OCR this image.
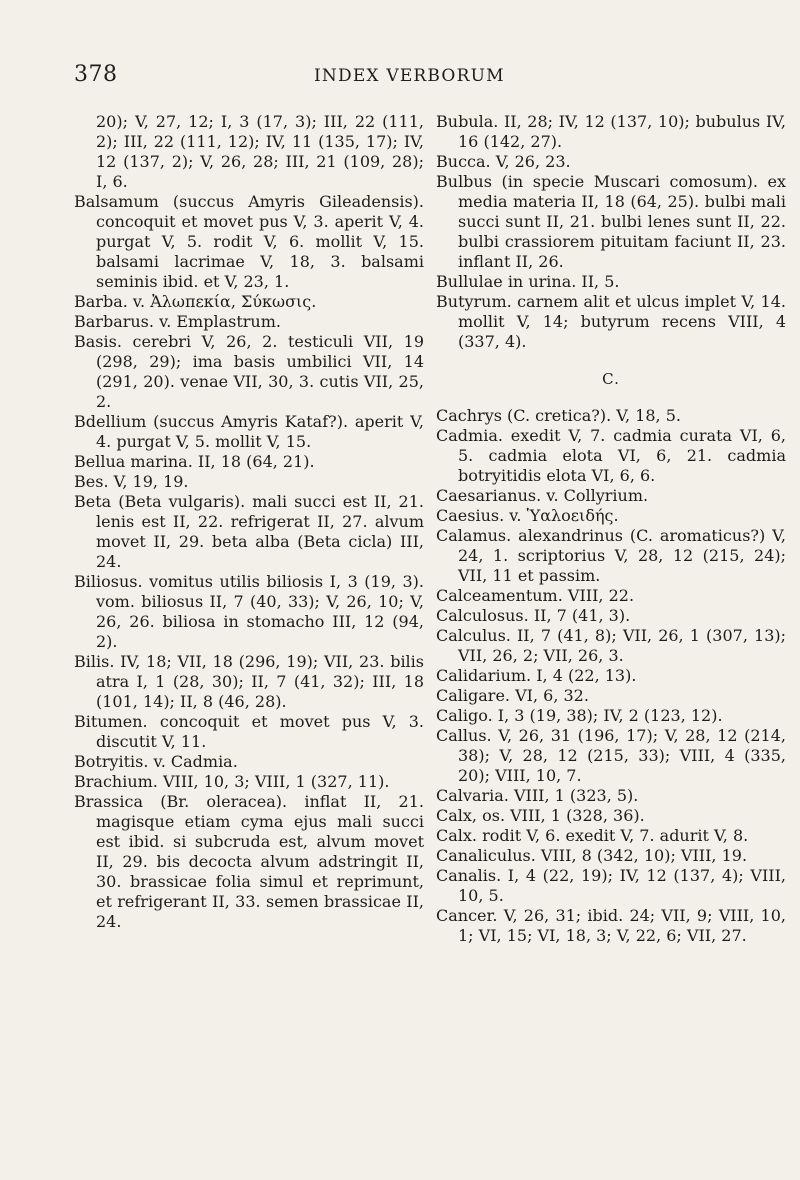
378	INDEX VERBORUM

20); V, 27, 12; I, 3 (17, 3); III, 22 (111, 2); III, 22 (111, 12); IV, 11 (135, 17); IV, 12 (137, 2); V, 26, 28; III, 21 (109, 28); I, 6.

Balsamum (succus Amyris Gileadensis). concoquit et movet pus V, 3. aperit V, 4. purgat V, 5. rodit V, 6. mollit V, 15. balsami lacrimae V, 18, 3. balsami seminis ibid. et V, 23, 1.

Barba. v. Ἀλωπεκία, Σύκωσις.

Barbarus. v. Emplastrum.

Basis. cerebri V, 26, 2. testiculi VII, 19 (298, 29); ima basis umbilici VII, 14 (291, 20). venae VII, 30, 3. cutis VII, 25, 2.

Bdellium (succus Amyris Kataf?). aperit V, 4. purgat V, 5. mollit V, 15.

Bellua marina. II, 18 (64, 21).

Bes. V, 19, 19.

Beta (Beta vulgaris). mali succi est II, 21. lenis est II, 22. refrigerat II, 27. alvum movet II, 29. beta alba (Beta cicla) III, 24.

Biliosus. vomitus utilis biliosis I, 3 (19, 3). vom. biliosus II, 7 (40, 33); V, 26, 10; V, 26, 26. biliosa in stomacho III, 12 (94, 2).

Bilis. IV, 18; VII, 18 (296, 19); VII, 23. bilis atra I, 1 (28, 30); II, 7 (41, 32); III, 18 (101, 14); II, 8 (46, 28).

Bitumen. concoquit et movet pus V, 3. discutit V, 11.

Botryitis. v. Cadmia.

Brachium. VIII, 10, 3; VIII, 1 (327, 11).

Brassica (Br. oleracea). inflat II, 21. magisque etiam cyma ejus mali succi est ibid. si subcruda est, alvum movet II, 29. bis decocta alvum adstringit II, 30. brassicae folia simul et reprimunt, et refrigerant II, 33. semen brassicae II, 24.

Bubula. II, 28; IV, 12 (137, 10); bubulus IV, 16 (142, 27).

Bucca. V, 26, 23.

Bulbus (in specie Muscari comosum). ex media materia II, 18 (64, 25). bulbi mali succi sunt II, 21. bulbi lenes sunt II, 22. bulbi crassiorem pituitam faciunt II, 23. inflant II, 26.

Bullulae in urina. II, 5.

Butyrum. carnem alit et ulcus implet V, 14. mollit V, 14; butyrum recens VIII, 4 (337, 4).

C.

Cachrys (C. cretica?). V, 18, 5.

Cadmia. exedit V, 7. cadmia curata VI, 6, 5. cadmia elota VI, 6, 21. cadmia botryitidis elota VI, 6, 6.

Caesarianus. v. Collyrium.

Caesius. v. Ὑαλοειδής.

Calamus. alexandrinus (C. aromaticus?) V, 24, 1. scriptorius V, 28, 12 (215, 24); VII, 11 et passim.

Calceamentum. VIII, 22.

Calculosus. II, 7 (41, 3).

Calculus. II, 7 (41, 8); VII, 26, 1 (307, 13); VII, 26, 2; VII, 26, 3.

Calidarium. I, 4 (22, 13).

Caligare. VI, 6, 32.

Caligo. I, 3 (19, 38); IV, 2 (123, 12).

Callus. V, 26, 31 (196, 17); V, 28, 12 (214, 38); V, 28, 12 (215, 33); VIII, 4 (335, 20); VIII, 10, 7.

Calvaria. VIII, 1 (323, 5).

Calx, os. VIII, 1 (328, 36).

Calx. rodit V, 6. exedit V, 7. adurit V, 8.

Canaliculus. VIII, 8 (342, 10); VIII, 19.

Canalis. I, 4 (22, 19); IV, 12 (137, 4); VIII, 10, 5.

Cancer. V, 26, 31; ibid. 24; VII, 9; VIII, 10, 1; VI, 15; VI, 18, 3; V, 22, 6; VII, 27.
